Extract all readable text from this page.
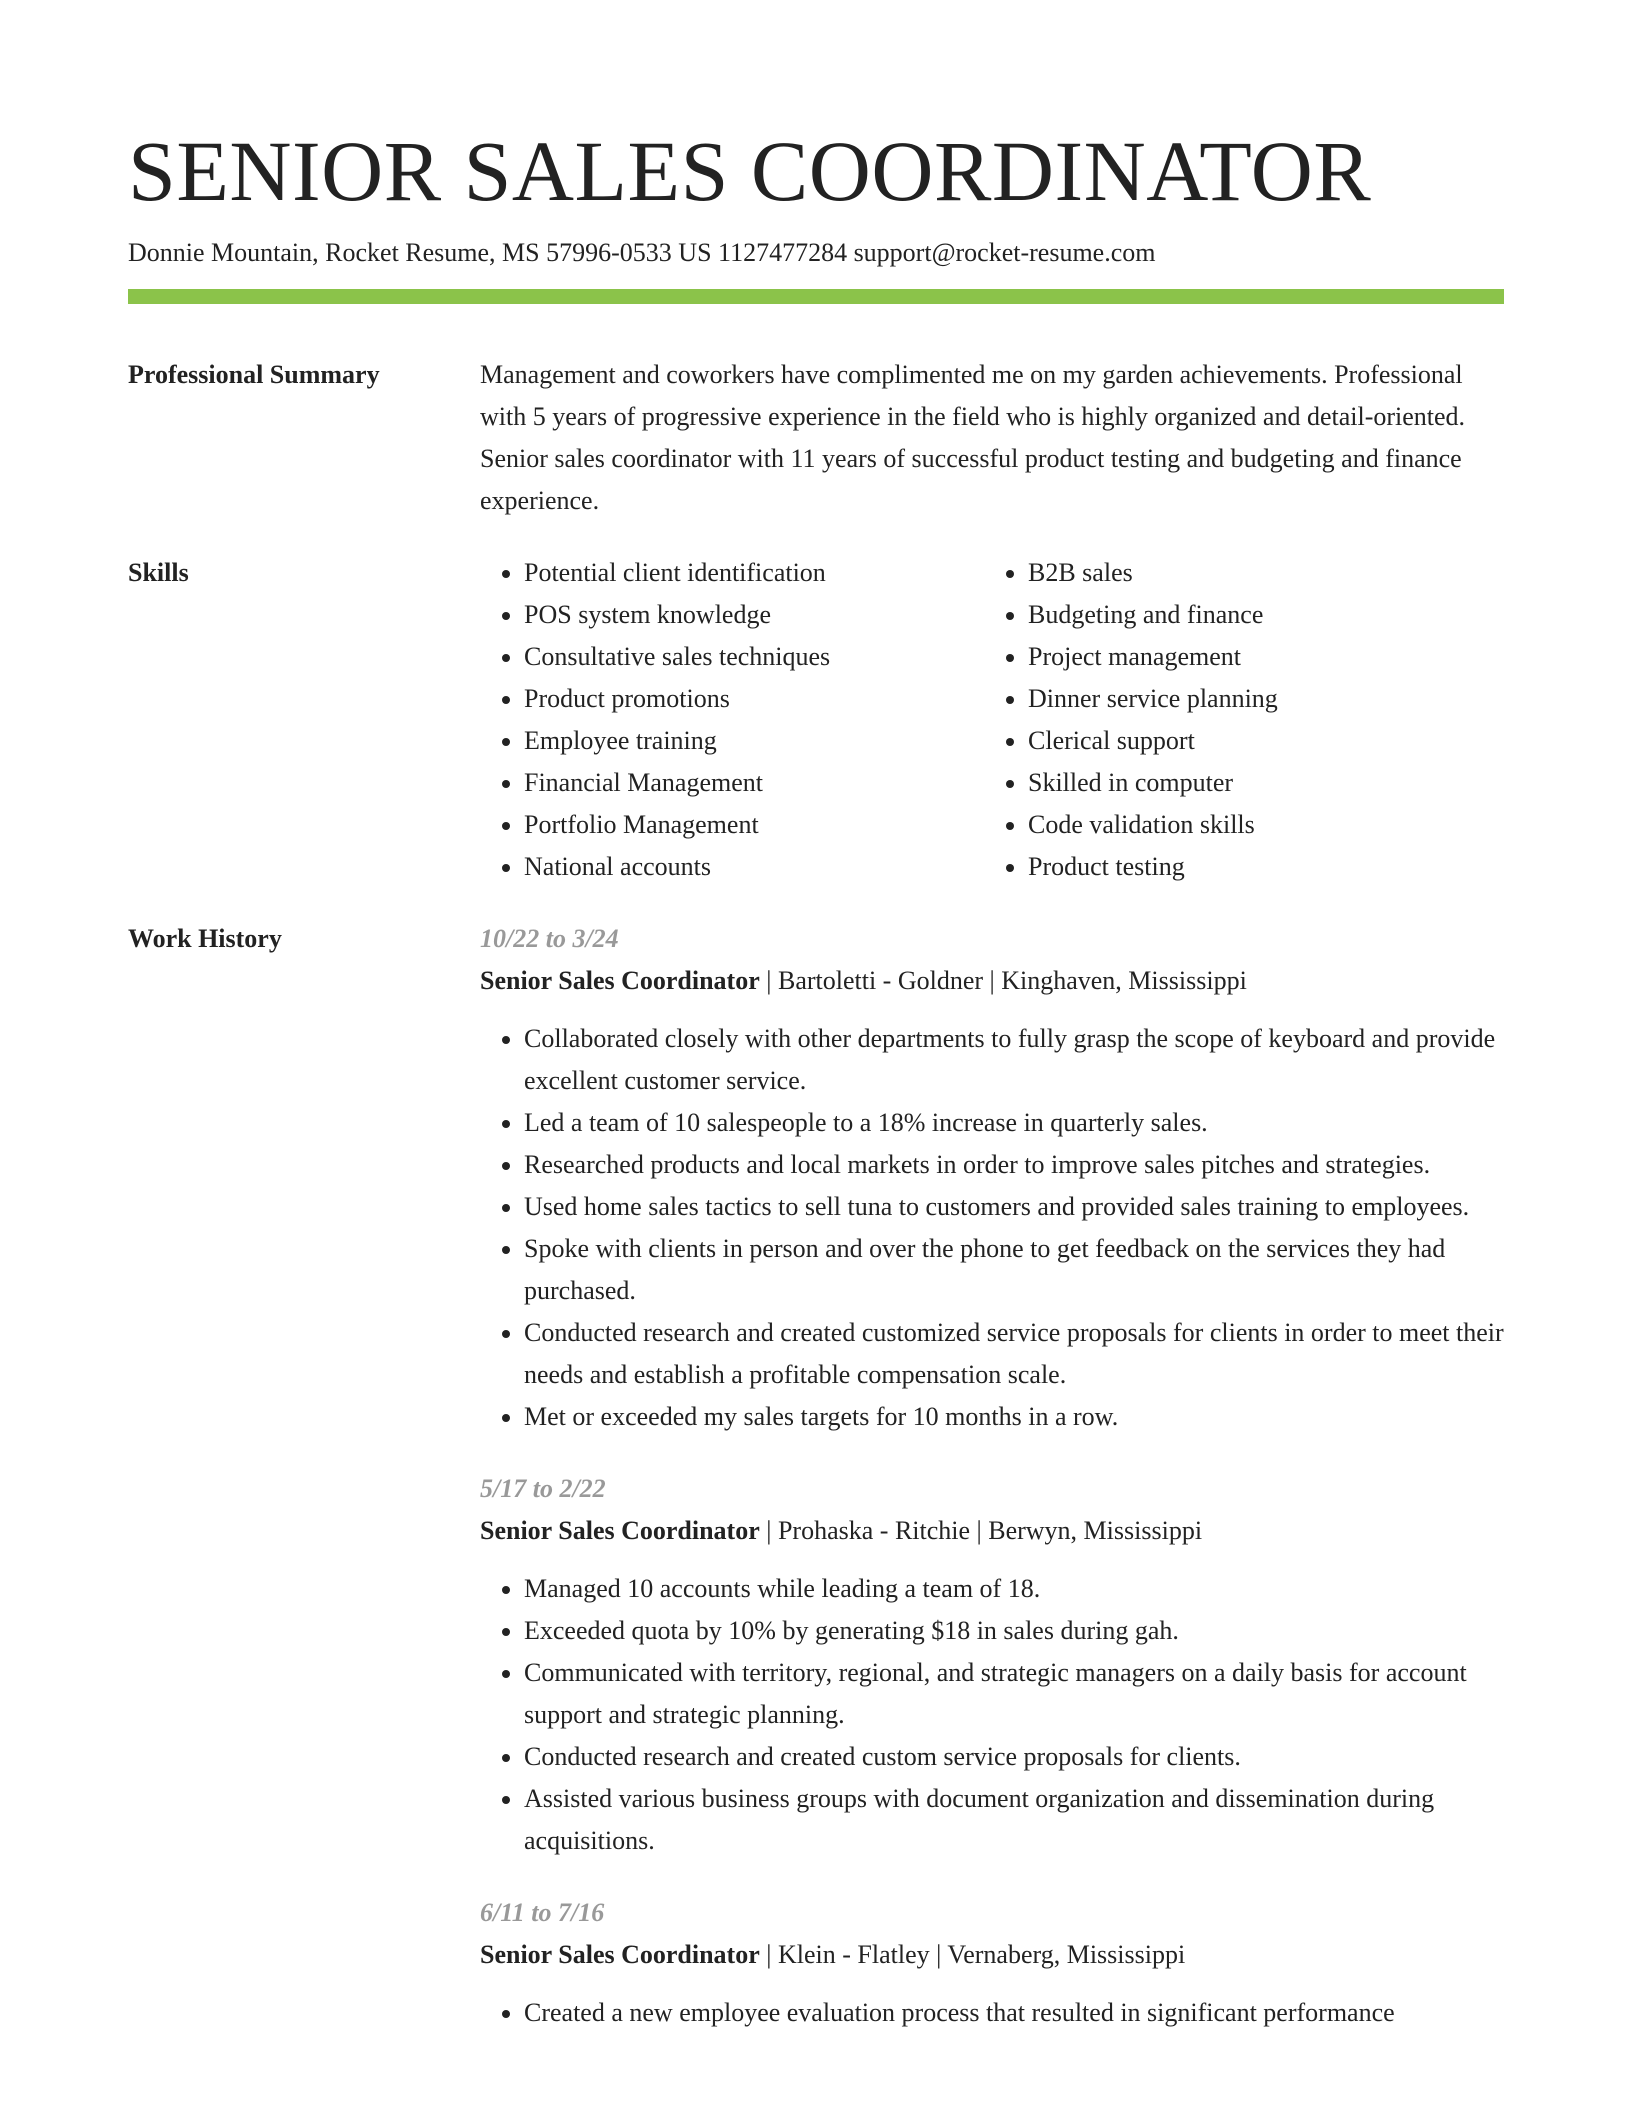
SENIOR SALES COORDINATOR
Donnie Mountain, Rocket Resume, MS 57996-0533 US 1127477284 support@rocket-resume.com
Professional Summary	Management and coworkers have complimented me on my garden achievements. Professional with 5 years of progressive experience in the field who is highly organized and detail-oriented. Senior sales coordinator with 11 years of successful product testing and budgeting and finance experience.

Skills
•	Potential client identification
• POS system knowledge
• Consultative sales techniques
• Product promotions
• Employee training
• Financial Management
• Portfolio Management
• National accounts
• B2B sales
• Budgeting and finance
• Project management
• Dinner service planning
• Clerical support
• Skilled in computer
• Code validation skills
• Product testing
Work History	10/22 to 3/24
Senior Sales Coordinator | Bartoletti - Goldner | Kinghaven, Mississippi
• Collaborated closely with other departments to fully grasp the scope of keyboard and provide excellent customer service.
• Led a team of 10 salespeople to a 18% increase in quarterly sales.
• Researched products and local markets in order to improve sales pitches and strategies.
• Used home sales tactics to sell tuna to customers and provided sales training to employees.
• Spoke with clients in person and over the phone to get feedback on the services they had purchased.
• Conducted research and created customized service proposals for clients in order to meet their needs and establish a profitable compensation scale.
• Met or exceeded my sales targets for 10 months in a row.
5/17 to 2/22
Senior Sales Coordinator | Prohaska - Ritchie | Berwyn, Mississippi
• Managed 10 accounts while leading a team of 18.
• Exceeded quota by 10% by generating $18 in sales during gah.
• Communicated with territory, regional, and strategic managers on a daily basis for account support and strategic planning.
• Conducted research and created custom service proposals for clients.
• Assisted various business groups with document organization and dissemination during acquisitions.
6/11 to 7/16
Senior Sales Coordinator | Klein - Flatley | Vernaberg, Mississippi
• Created a new employee evaluation process that resulted in significant performance
